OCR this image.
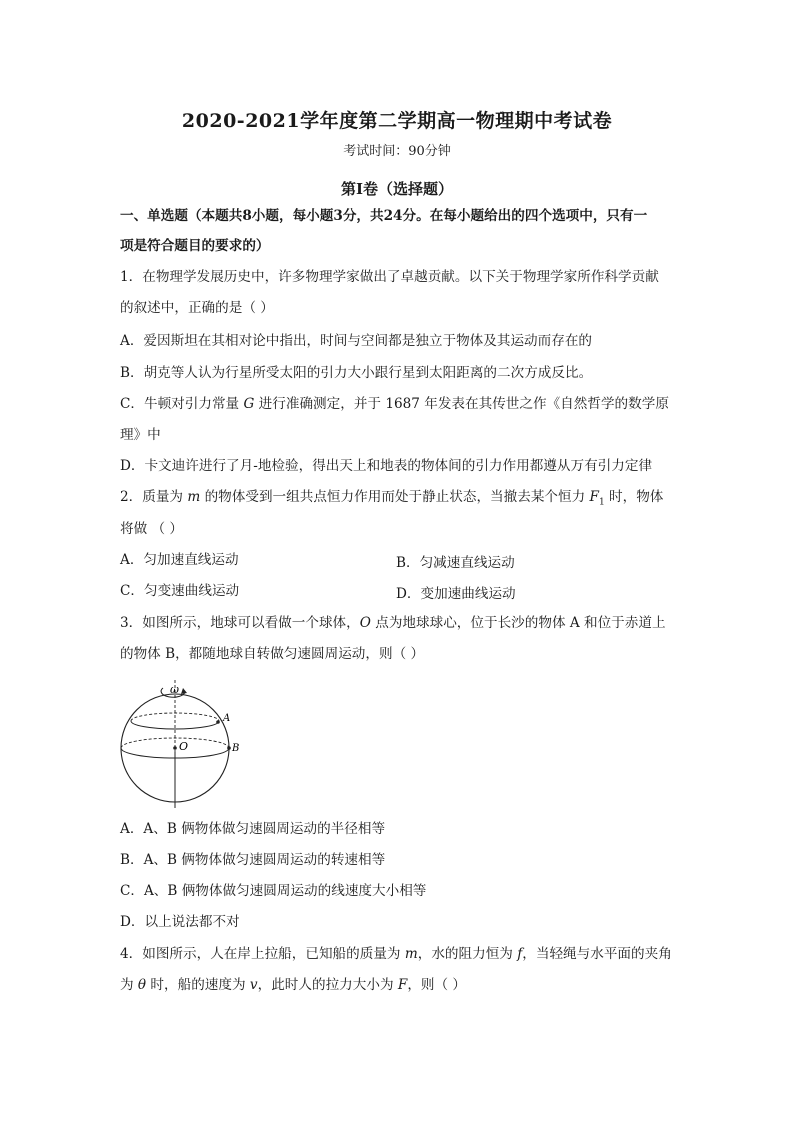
2020-2021学年度第二学期高一物理期中考试卷
考试时间：90分钟
第I卷（选择题）
一、单选题（本题共8小题，每小题3分，共24分。在每小题给出的四个选项中，只有一
项是符合题目的要求的）
1．在物理学发展历史中，许多物理学家做出了卓越贡献。以下关于物理学家所作科学贡献
的叙述中，正确的是（ ）
A．爱因斯坦在其相对论中指出，时间与空间都是独立于物体及其运动而存在的
B．胡克等人认为行星所受太阳的引力大小跟行星到太阳距离的二次方成反比。
C．牛顿对引力常量 G 进行准确测定，并于 1687 年发表在其传世之作《自然哲学的数学原
理》中
D．卡文迪许进行了月-地检验，得出天上和地表的物体间的引力作用都遵从万有引力定律
2．质量为 m 的物体受到一组共点恒力作用而处于静止状态，当撤去某个恒力 $F_1$ 时，物体
将做 （ ）
A．匀加速直线运动	B．匀减速直线运动
C．匀变速曲线运动	D．变加速曲线运动
3．如图所示，地球可以看做一个球体，O 点为地球球心，位于长沙的物体 A 和位于赤道上
的物体 B，都随地球自转做匀速圆周运动，则（ ）
ω
A
O	B
A．A、B 俩物体做匀速圆周运动的半径相等
B．A、B 俩物体做匀速圆周运动的转速相等
C．A、B 俩物体做匀速圆周运动的线速度大小相等
D．以上说法都不对
4．如图所示，人在岸上拉船，已知船的质量为 m，水的阻力恒为 f，当轻绳与水平面的夹角
为 θ 时，船的速度为 v，此时人的拉力大小为 F，则（ ）
